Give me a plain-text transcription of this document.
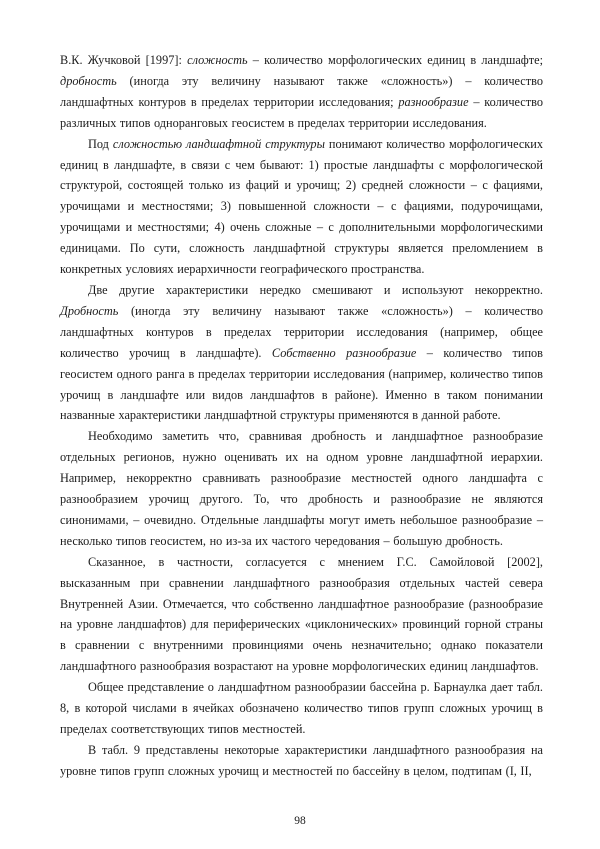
В.К. Жучковой [1997]: сложность – количество морфологических единиц в ландшафте; дробность (иногда эту величину называют также «сложность») – количество ландшафтных контуров в пределах территории исследования; разнообразие – количество различных типов одноранговых геосистем в пределах территории исследования.

Под сложностью ландшафтной структуры понимают количество морфологических единиц в ландшафте, в связи с чем бывают: 1) простые ландшафты с морфологической структурой, состоящей только из фаций и урочищ; 2) средней сложности – с фациями, урочищами и местностями; 3) повышенной сложности – с фациями, подурочищами, урочищами и местностями; 4) очень сложные – с дополнительными морфологическими единицами. По сути, сложность ландшафтной структуры является преломлением в конкретных условиях иерархичности географического пространства.

Две другие характеристики нередко смешивают и используют некорректно. Дробность (иногда эту величину называют также «сложность») – количество ландшафтных контуров в пределах территории исследования (например, общее количество урочищ в ландшафте). Собственно разнообразие – количество типов геосистем одного ранга в пределах территории исследования (например, количество типов урочищ в ландшафте или видов ландшафтов в районе). Именно в таком понимании названные характеристики ландшафтной структуры применяются в данной работе.

Необходимо заметить что, сравнивая дробность и ландшафтное разнообразие отдельных регионов, нужно оценивать их на одном уровне ландшафтной иерархии. Например, некорректно сравнивать разнообразие местностей одного ландшафта с разнообразием урочищ другого. То, что дробность и разнообразие не являются синонимами, – очевидно. Отдельные ландшафты могут иметь небольшое разнообразие – несколько типов геосистем, но из-за их частого чередования – большую дробность.

Сказанное, в частности, согласуется с мнением Г.С. Самойловой [2002], высказанным при сравнении ландшафтного разнообразия отдельных частей севера Внутренней Азии. Отмечается, что собственно ландшафтное разнообразие (разнообразие на уровне ландшафтов) для периферических «циклонических» провинций горной страны в сравнении с внутренними провинциями очень незначительно; однако показатели ландшафтного разнообразия возрастают на уровне морфологических единиц ландшафтов.

Общее представление о ландшафтном разнообразии бассейна р. Барнаулка дает табл. 8, в которой числами в ячейках обозначено количество типов групп сложных урочищ в пределах соответствующих типов местностей.

В табл. 9 представлены некоторые характеристики ландшафтного разнообразия на уровне типов групп сложных урочищ и местностей по бассейну в целом, подтипам (I, II,

98
